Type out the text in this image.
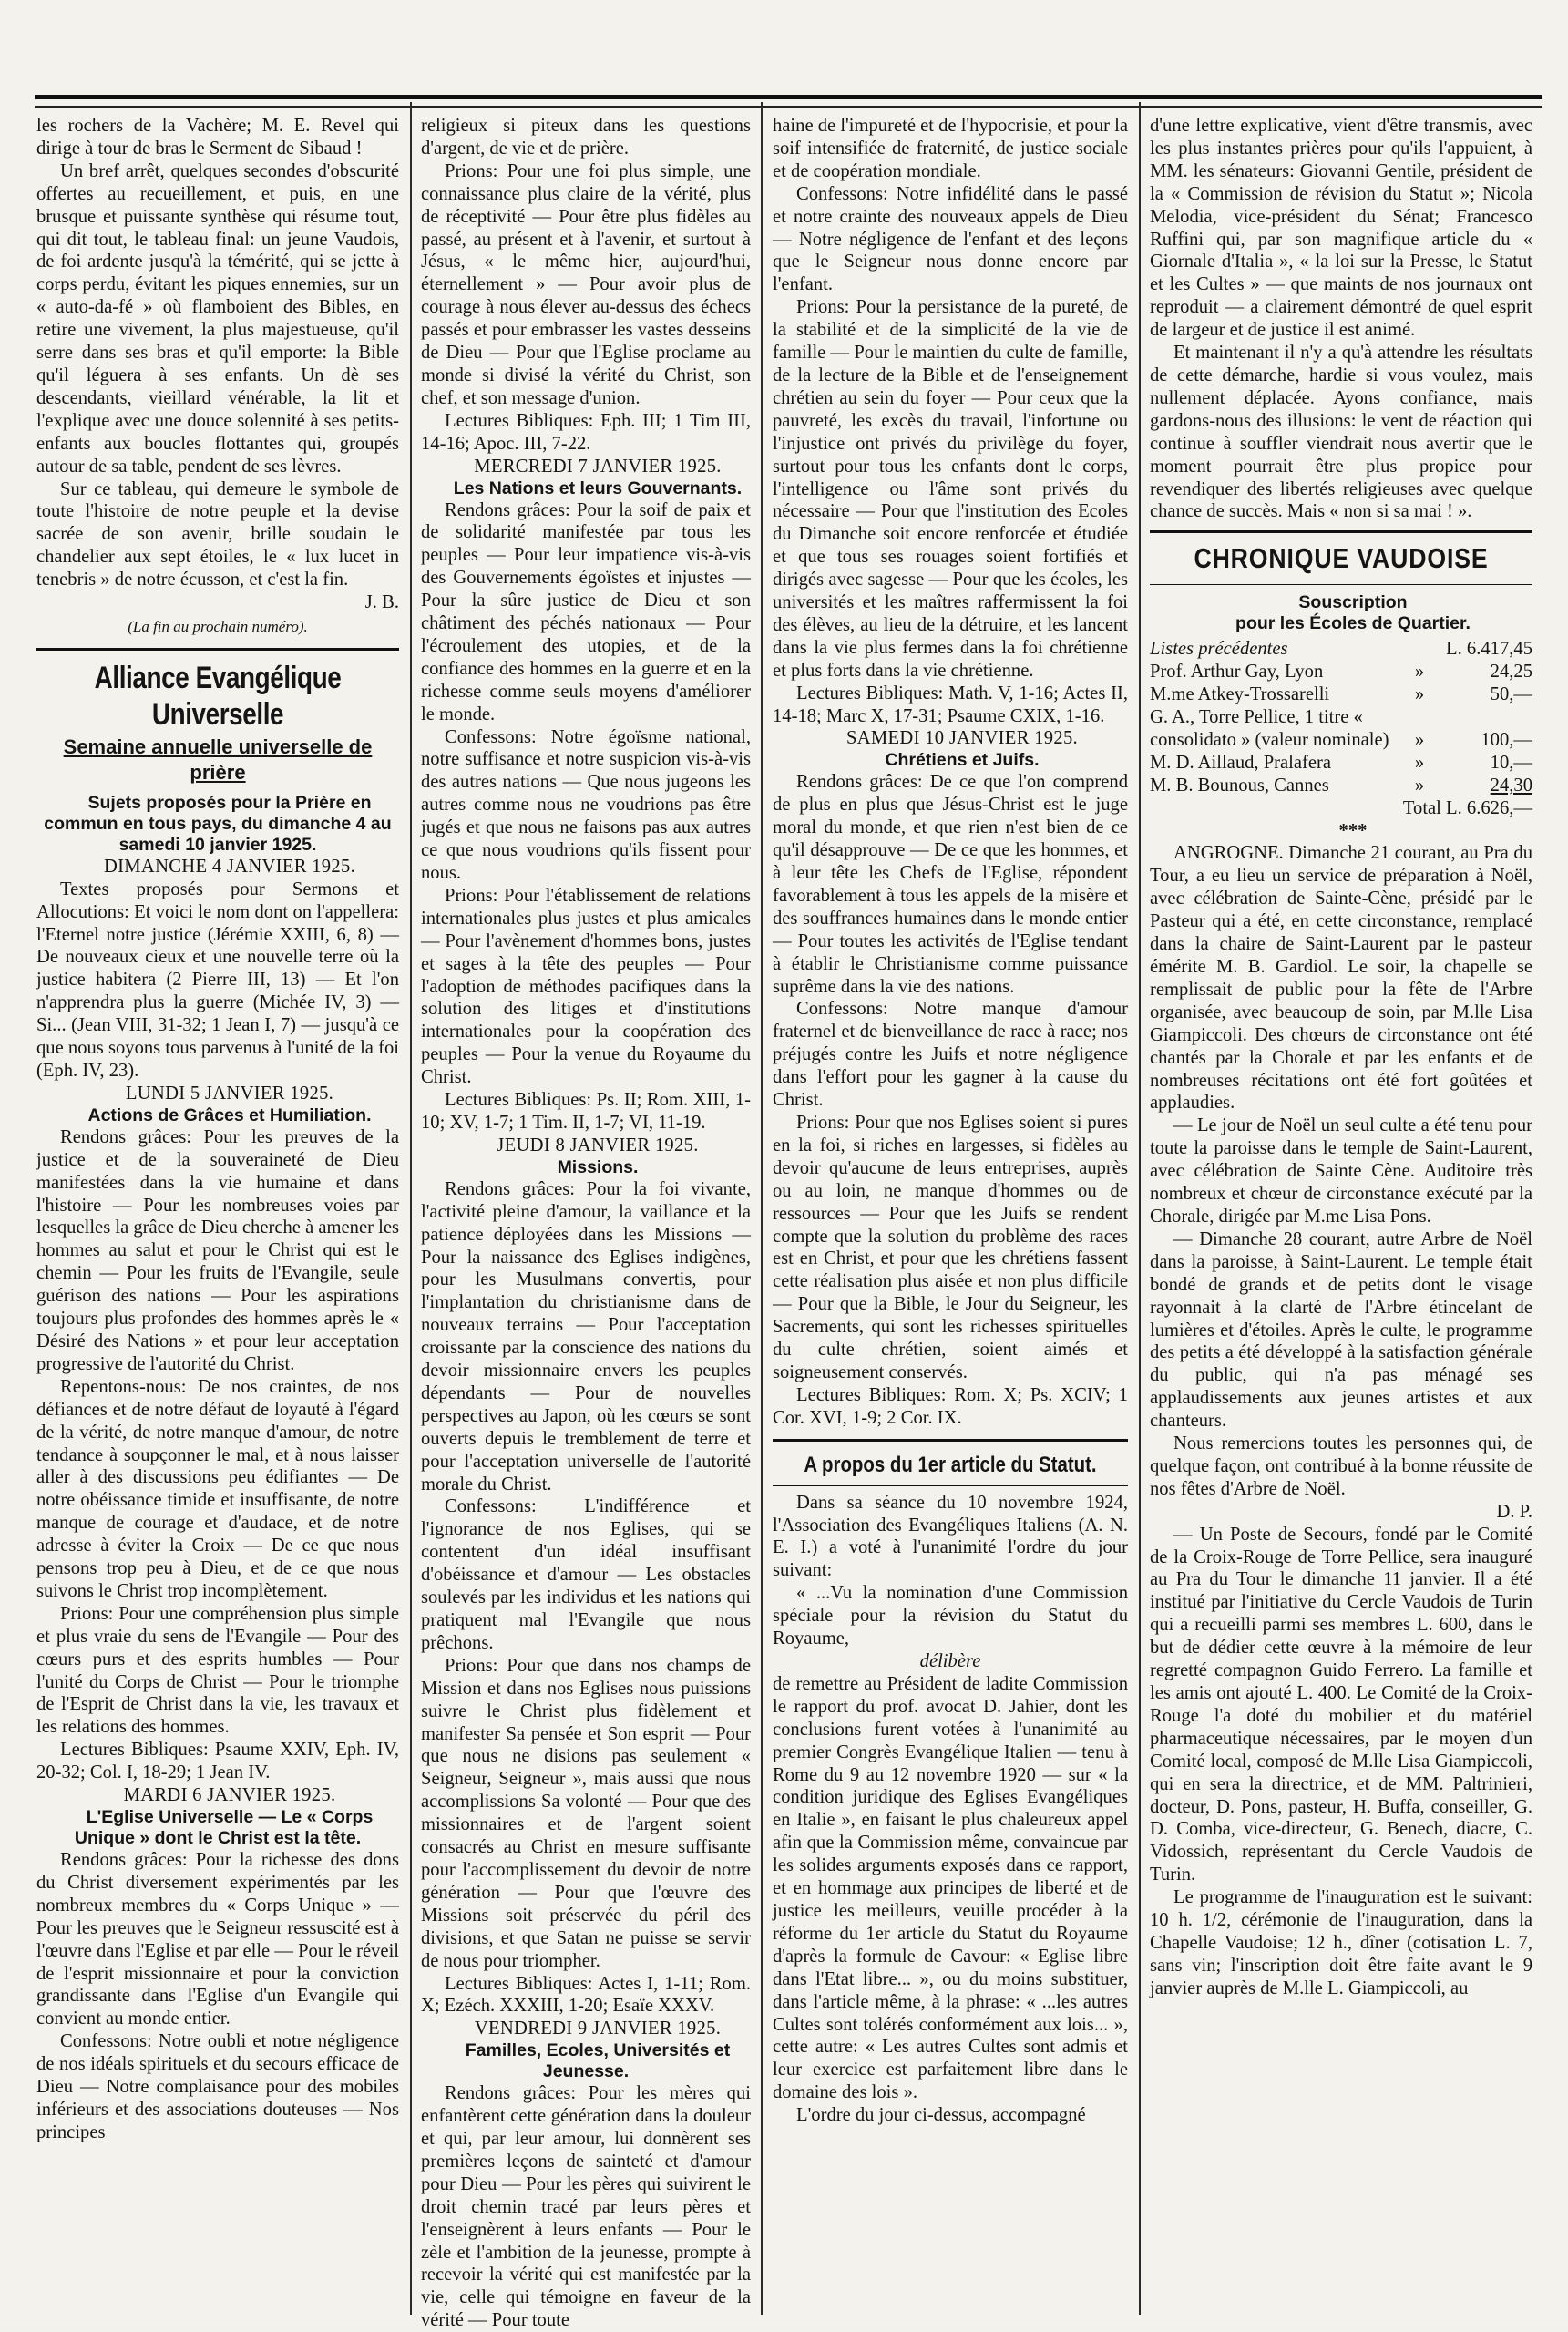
les rochers de la Vachère; M. E. Revel qui dirige à tour de bras le Serment de Sibaud !

Un bref arrêt, quelques secondes d'obscurité offertes au recueillement, et puis, en une brusque et puissante synthèse qui résume tout, qui dit tout, le tableau final: un jeune Vaudois, de foi ardente jusqu'à la témérité, qui se jette à corps perdu, évitant les piques ennemies, sur un « auto-da-fé » où flamboient des Bibles, en retire une vivement, la plus majestueuse, qu'il serre dans ses bras et qu'il emporte: la Bible qu'il léguera à ses enfants. Un dè ses descendants, vieillard vénérable, la lit et l'explique avec une douce solennité à ses petits-enfants aux boucles flottantes qui, groupés autour de sa table, pendent de ses lèvres.

Sur ce tableau, qui demeure le symbole de toute l'histoire de notre peuple et la devise sacrée de son avenir, brille soudain le chandelier aux sept étoiles, le « lux lucet in tenebris » de notre écusson, et c'est la fin.

J. B.

(La fin au prochain numéro).

Alliance Evangélique Universelle
Semaine annuelle universelle de prière

Sujets proposés pour la Prière en commun en tous pays, du dimanche 4 au samedi 10 janvier 1925.

DIMANCHE 4 JANVIER 1925.

Textes proposés pour Sermons et Allocutions: Et voici le nom dont on l'appellera: l'Eternel notre justice (Jérémie XXIII, 6, 8) — De nouveaux cieux et une nouvelle terre où la justice habitera (2 Pierre III, 13) — Et l'on n'apprendra plus la guerre (Michée IV, 3) — Si... (Jean VIII, 31-32; 1 Jean I, 7) — jusqu'à ce que nous soyons tous parvenus à l'unité de la foi (Eph. IV, 23).

LUNDI 5 JANVIER 1925.

Actions de Grâces et Humiliation.

Rendons grâces: Pour les preuves de la justice et de la souveraineté de Dieu manifestées dans la vie humaine et dans l'histoire — Pour les nombreuses voies par lesquelles la grâce de Dieu cherche à amener les hommes au salut et pour le Christ qui est le chemin — Pour les fruits de l'Evangile, seule guérison des nations — Pour les aspirations toujours plus profondes des hommes après le « Désiré des Nations » et pour leur acceptation progressive de l'autorité du Christ.

Repentons-nous: De nos craintes, de nos défiances et de notre défaut de loyauté à l'égard de la vérité, de notre manque d'amour, de notre tendance à soupçonner le mal, et à nous laisser aller à des discussions peu édifiantes — De notre obéissance timide et insuffisante, de notre manque de courage et d'audace, et de notre adresse à éviter la Croix — De ce que nous pensons trop peu à Dieu, et de ce que nous suivons le Christ trop incomplètement.

Prions: Pour une compréhension plus simple et plus vraie du sens de l'Evangile — Pour des cœurs purs et des esprits humbles — Pour l'unité du Corps de Christ — Pour le triomphe de l'Esprit de Christ dans la vie, les travaux et les relations des hommes.

Lectures Bibliques: Psaume XXIV, Eph. IV, 20-32; Col. I, 18-29; 1 Jean IV.

MARDI 6 JANVIER 1925.

L'Eglise Universelle — Le « Corps Unique » dont le Christ est la tête.

Rendons grâces: Pour la richesse des dons du Christ diversement expérimentés par les nombreux membres du « Corps Unique » — Pour les preuves que le Seigneur ressuscité est à l'œuvre dans l'Eglise et par elle — Pour le réveil de l'esprit missionnaire et pour la conviction grandissante dans l'Eglise d'un Evangile qui convient au monde entier.

Confessons: Notre oubli et notre négligence de nos idéals spirituels et du secours efficace de Dieu — Notre complaisance pour des mobiles inférieurs et des associations douteuses — Nos principes

religieux si piteux dans les questions d'argent, de vie et de prière.

Prions: Pour une foi plus simple, une connaissance plus claire de la vérité, plus de réceptivité — Pour être plus fidèles au passé, au présent et à l'avenir, et surtout à Jésus, « le même hier, aujourd'hui, éternellement » — Pour avoir plus de courage à nous élever au-dessus des échecs passés et pour embrasser les vastes desseins de Dieu — Pour que l'Eglise proclame au monde si divisé la vérité du Christ, son chef, et son message d'union.

Lectures Bibliques: Eph. III; 1 Tim III, 14-16; Apoc. III, 7-22.

MERCREDI 7 JANVIER 1925.

Les Nations et leurs Gouvernants.

Rendons grâces: Pour la soif de paix et de solidarité manifestée par tous les peuples — Pour leur impatience vis-à-vis des Gouvernements égoïstes et injustes — Pour la sûre justice de Dieu et son châtiment des péchés nationaux — Pour l'écroulement des utopies, et de la confiance des hommes en la guerre et en la richesse comme seuls moyens d'améliorer le monde.

Confessons: Notre égoïsme national, notre suffisance et notre suspicion vis-à-vis des autres nations — Que nous jugeons les autres comme nous ne voudrions pas être jugés et que nous ne faisons pas aux autres ce que nous voudrions qu'ils fissent pour nous.

Prions: Pour l'établissement de relations internationales plus justes et plus amicales — Pour l'avènement d'hommes bons, justes et sages à la tête des peuples — Pour l'adoption de méthodes pacifiques dans la solution des litiges et d'institutions internationales pour la coopération des peuples — Pour la venue du Royaume du Christ.

Lectures Bibliques: Ps. II; Rom. XIII, 1-10; XV, 1-7; 1 Tim. II, 1-7; VI, 11-19.

JEUDI 8 JANVIER 1925.

Missions.

Rendons grâces: Pour la foi vivante, l'activité pleine d'amour, la vaillance et la patience déployées dans les Missions — Pour la naissance des Eglises indigènes, pour les Musulmans convertis, pour l'implantation du christianisme dans de nouveaux terrains — Pour l'acceptation croissante par la conscience des nations du devoir missionnaire envers les peuples dépendants — Pour de nouvelles perspectives au Japon, où les cœurs se sont ouverts depuis le tremblement de terre et pour l'acceptation universelle de l'autorité morale du Christ.

Confessons: L'indifférence et l'ignorance de nos Eglises, qui se contentent d'un idéal insuffisant d'obéissance et d'amour — Les obstacles soulevés par les individus et les nations qui pratiquent mal l'Evangile que nous prêchons.

Prions: Pour que dans nos champs de Mission et dans nos Eglises nous puissions suivre le Christ plus fidèlement et manifester Sa pensée et Son esprit — Pour que nous ne disions pas seulement « Seigneur, Seigneur », mais aussi que nous accomplissions Sa volonté — Pour que des missionnaires et de l'argent soient consacrés au Christ en mesure suffisante pour l'accomplissement du devoir de notre génération — Pour que l'œuvre des Missions soit préservée du péril des divisions, et que Satan ne puisse se servir de nous pour triompher.

Lectures Bibliques: Actes I, 1-11; Rom. X; Ezéch. XXXIII, 1-20; Esaïe XXXV.

VENDREDI 9 JANVIER 1925.

Familles, Ecoles, Universités et Jeunesse.

Rendons grâces: Pour les mères qui enfantèrent cette génération dans la douleur et qui, par leur amour, lui donnèrent ses premières leçons de sainteté et d'amour pour Dieu — Pour les pères qui suivirent le droit chemin tracé par leurs pères et l'enseignèrent à leurs enfants — Pour le zèle et l'ambition de la jeunesse, prompte à recevoir la vérité qui est manifestée par la vie, celle qui témoigne en faveur de la vérité — Pour toute

haine de l'impureté et de l'hypocrisie, et pour la soif intensifiée de fraternité, de justice sociale et de coopération mondiale.

Confessons: Notre infidélité dans le passé et notre crainte des nouveaux appels de Dieu — Notre négligence de l'enfant et des leçons que le Seigneur nous donne encore par l'enfant.

Prions: Pour la persistance de la pureté, de la stabilité et de la simplicité de la vie de famille — Pour le maintien du culte de famille, de la lecture de la Bible et de l'enseignement chrétien au sein du foyer — Pour ceux que la pauvreté, les excès du travail, l'infortune ou l'injustice ont privés du privilège du foyer, surtout pour tous les enfants dont le corps, l'intelligence ou l'âme sont privés du nécessaire — Pour que l'institution des Ecoles du Dimanche soit encore renforcée et étudiée et que tous ses rouages soient fortifiés et dirigés avec sagesse — Pour que les écoles, les universités et les maîtres raffermissent la foi des élèves, au lieu de la détruire, et les lancent dans la vie plus fermes dans la foi chrétienne et plus forts dans la vie chrétienne.

Lectures Bibliques: Math. V, 1-16; Actes II, 14-18; Marc X, 17-31; Psaume CXIX, 1-16.

SAMEDI 10 JANVIER 1925.

Chrétiens et Juifs.

Rendons grâces: De ce que l'on comprend de plus en plus que Jésus-Christ est le juge moral du monde, et que rien n'est bien de ce qu'il désapprouve — De ce que les hommes, et à leur tête les Chefs de l'Eglise, répondent favorablement à tous les appels de la misère et des souffrances humaines dans le monde entier — Pour toutes les activités de l'Eglise tendant à établir le Christianisme comme puissance suprême dans la vie des nations.

Confessons: Notre manque d'amour fraternel et de bienveillance de race à race; nos préjugés contre les Juifs et notre négligence dans l'effort pour les gagner à la cause du Christ.

Prions: Pour que nos Eglises soient si pures en la foi, si riches en largesses, si fidèles au devoir qu'aucune de leurs entreprises, auprès ou au loin, ne manque d'hommes ou de ressources — Pour que les Juifs se rendent compte que la solution du problème des races est en Christ, et pour que les chrétiens fassent cette réalisation plus aisée et non plus difficile — Pour que la Bible, le Jour du Seigneur, les Sacrements, qui sont les richesses spirituelles du culte chrétien, soient aimés et soigneusement conservés.

Lectures Bibliques: Rom. X; Ps. XCIV; 1 Cor. XVI, 1-9; 2 Cor. IX.

A propos du 1er article du Statut.

Dans sa séance du 10 novembre 1924, l'Association des Evangéliques Italiens (A. N. E. I.) a voté à l'unanimité l'ordre du jour suivant:

« ...Vu la nomination d'une Commission spéciale pour la révision du Statut du Royaume,

délibère

de remettre au Président de ladite Commission le rapport du prof. avocat D. Jahier, dont les conclusions furent votées à l'unanimité au premier Congrès Evangélique Italien — tenu à Rome du 9 au 12 novembre 1920 — sur « la condition juridique des Eglises Evangéliques en Italie », en faisant le plus chaleureux appel afin que la Commission même, convaincue par les solides arguments exposés dans ce rapport, et en hommage aux principes de liberté et de justice les meilleurs, veuille procéder à la réforme du 1er article du Statut du Royaume d'après la formule de Cavour: « Eglise libre dans l'Etat libre... », ou du moins substituer, dans l'article même, à la phrase: « ...les autres Cultes sont tolérés conformément aux lois... », cette autre: « Les autres Cultes sont admis et leur exercice est parfaitement libre dans le domaine des lois ».

L'ordre du jour ci-dessus, accompagné

d'une lettre explicative, vient d'être transmis, avec les plus instantes prières pour qu'ils l'appuient, à MM. les sénateurs: Giovanni Gentile, président de la « Commission de révision du Statut »; Nicola Melodia, vice-président du Sénat; Francesco Ruffini qui, par son magnifique article du « Giornale d'Italia », « la loi sur la Presse, le Statut et les Cultes » — que maints de nos journaux ont reproduit — a clairement démontré de quel esprit de largeur et de justice il est animé.

Et maintenant il n'y a qu'à attendre les résultats de cette démarche, hardie si vous voulez, mais nullement déplacée. Ayons confiance, mais gardons-nous des illusions: le vent de réaction qui continue à souffler viendrait nous avertir que le moment pourrait être plus propice pour revendiquer des libertés religieuses avec quelque chance de succès. Mais « non si sa mai ! ».

CHRONIQUE VAUDOISE

Souscription

pour les Écoles de Quartier.

Listes précédentes	L. 6.417,45
Prof. Arthur Gay, Lyon	»	24,25
M.me Atkey-Trossarelli	»	50,—
G. A., Torre Pellice, 1 titre « consolidato » (valeur nominale)	»	100,—
M. D. Aillaud, Pralafera	»	10,—
M. B. Bounous, Cannes	»	24,30

Total L. 6.626,—

***

ANGROGNE. Dimanche 21 courant, au Pra du Tour, a eu lieu un service de préparation à Noël, avec célébration de Sainte-Cène, présidé par le Pasteur qui a été, en cette circonstance, remplacé dans la chaire de Saint-Laurent par le pasteur émérite M. B. Gardiol. Le soir, la chapelle se remplissait de public pour la fête de l'Arbre organisée, avec beaucoup de soin, par M.lle Lisa Giampiccoli. Des chœurs de circonstance ont été chantés par la Chorale et par les enfants et de nombreuses récitations ont été fort goûtées et applaudies.

— Le jour de Noël un seul culte a été tenu pour toute la paroisse dans le temple de Saint-Laurent, avec célébration de Sainte Cène. Auditoire très nombreux et chœur de circonstance exécuté par la Chorale, dirigée par M.me Lisa Pons.

— Dimanche 28 courant, autre Arbre de Noël dans la paroisse, à Saint-Laurent. Le temple était bondé de grands et de petits dont le visage rayonnait à la clarté de l'Arbre étincelant de lumières et d'étoiles. Après le culte, le programme des petits a été développé à la satisfaction générale du public, qui n'a pas ménagé ses applaudissements aux jeunes artistes et aux chanteurs.

Nous remercions toutes les personnes qui, de quelque façon, ont contribué à la bonne réussite de nos fêtes d'Arbre de Noël.

D. P.

— Un Poste de Secours, fondé par le Comité de la Croix-Rouge de Torre Pellice, sera inauguré au Pra du Tour le dimanche 11 janvier. Il a été institué par l'initiative du Cercle Vaudois de Turin qui a recueilli parmi ses membres L. 600, dans le but de dédier cette œuvre à la mémoire de leur regretté compagnon Guido Ferrero. La famille et les amis ont ajouté L. 400. Le Comité de la Croix-Rouge l'a doté du mobilier et du matériel pharmaceutique nécessaires, par le moyen d'un Comité local, composé de M.lle Lisa Giampiccoli, qui en sera la directrice, et de MM. Paltrinieri, docteur, D. Pons, pasteur, H. Buffa, conseiller, G. D. Comba, vice-directeur, G. Benech, diacre, C. Vidossich, représentant du Cercle Vaudois de Turin.

Le programme de l'inauguration est le suivant: 10 h. 1/2, cérémonie de l'inauguration, dans la Chapelle Vaudoise; 12 h., dîner (cotisation L. 7, sans vin; l'inscription doit être faite avant le 9 janvier auprès de M.lle L. Giampiccoli, au
